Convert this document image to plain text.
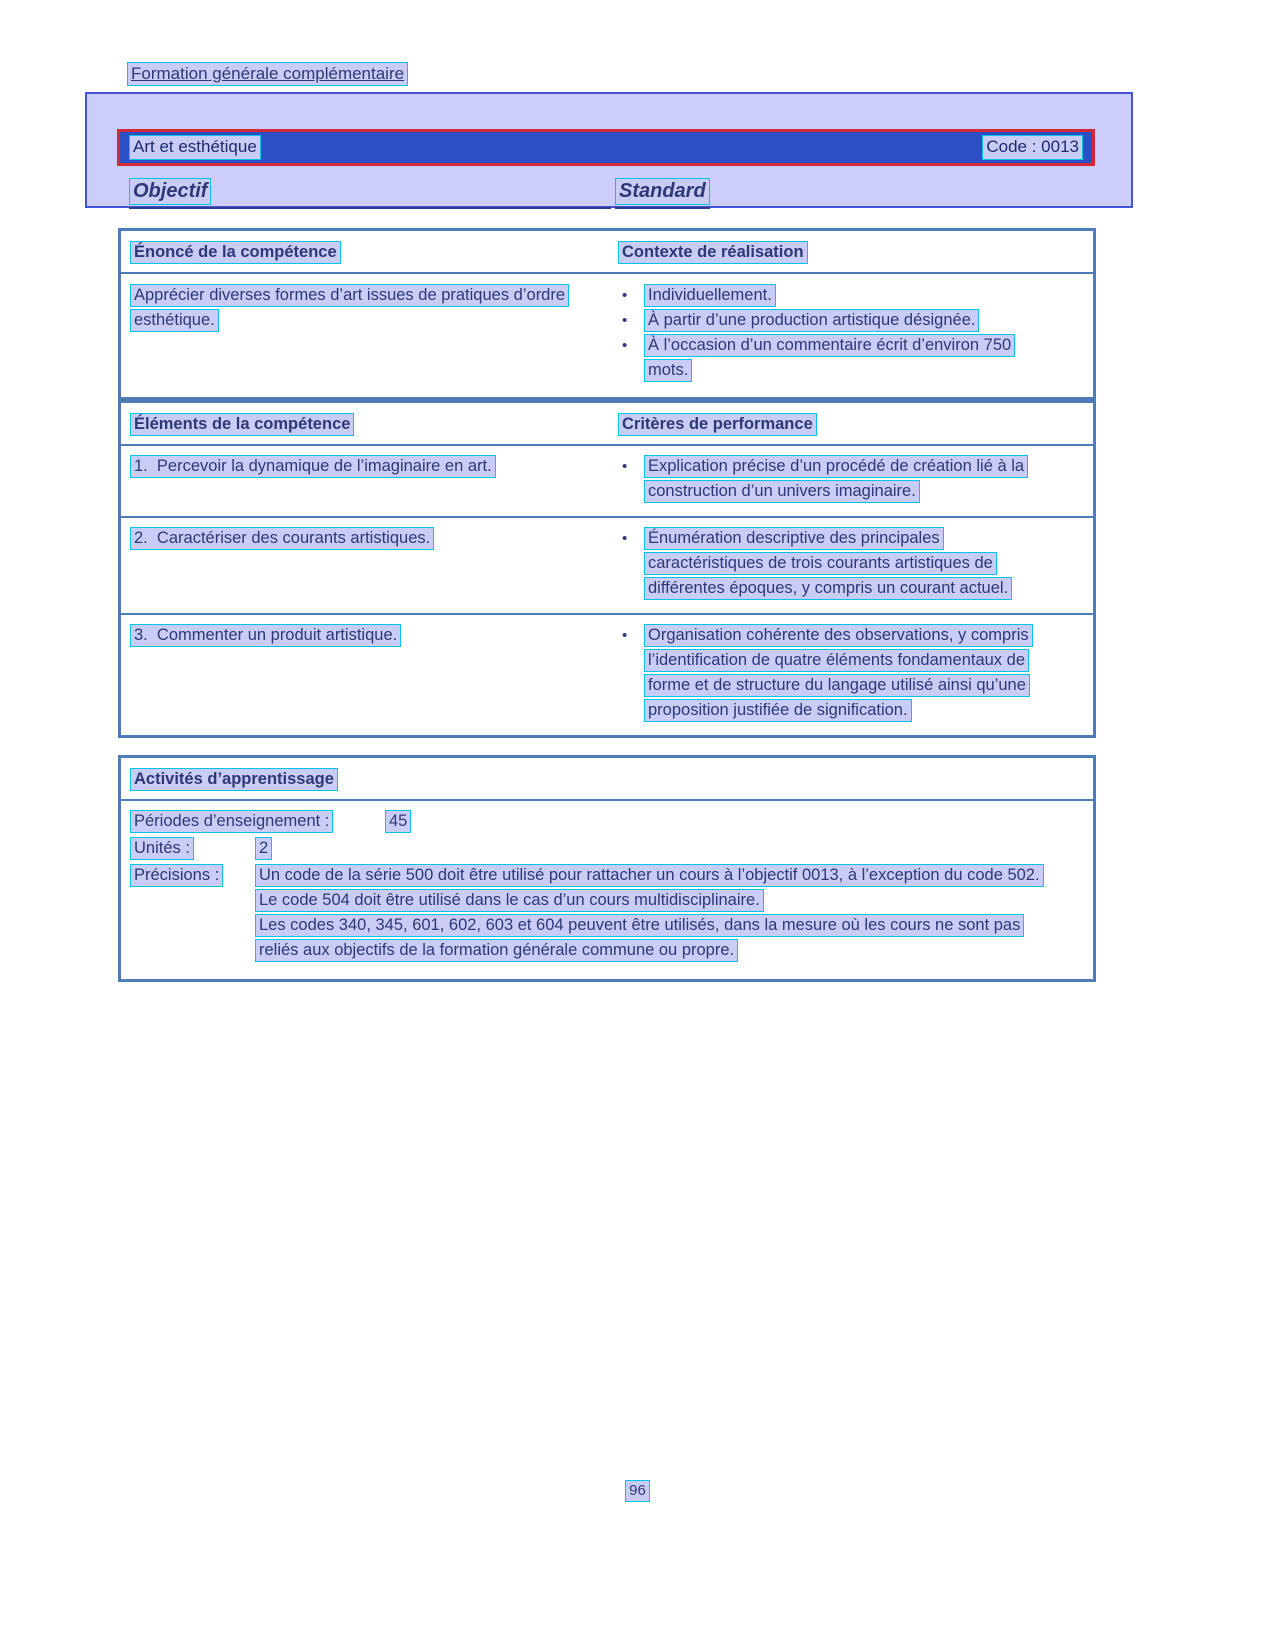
Formation générale complémentaire
Art et esthétique	Code : 0013
Objectif	Standard
Énoncé de la compétence	Contexte de réalisation
Apprécier diverses formes d’art issues de pratiques d’ordre esthétique.
•	Individuellement.
•	À partir d’une production artistique désignée.
•	À l’occasion d’un commentaire écrit d’environ 750 mots.
Éléments de la compétence	Critères de performance
1.  Percevoir la dynamique de l’imaginaire en art.	•	Explication précise d’un procédé de création lié à la construction d’un univers imaginaire.
2.  Caractériser des courants artistiques.	•	Énumération descriptive des principales caractéristiques de trois courants artistiques de différentes époques, y compris un courant actuel.
3.  Commenter un produit artistique.	•	Organisation cohérente des observations, y compris l’identification de quatre éléments fondamentaux de forme et de structure du langage utilisé ainsi qu’une proposition justifiée de signification.
Activités d’apprentissage
Périodes d’enseignement :	45
Unités :	2
Précisions :	Un code de la série 500 doit être utilisé pour rattacher un cours à l’objectif 0013, à l’exception du code 502.
Le code 504 doit être utilisé dans le cas d’un cours multidisciplinaire.
Les codes 340, 345, 601, 602, 603 et 604 peuvent être utilisés, dans la mesure où les cours ne sont pas reliés aux objectifs de la formation générale commune ou propre.
96
